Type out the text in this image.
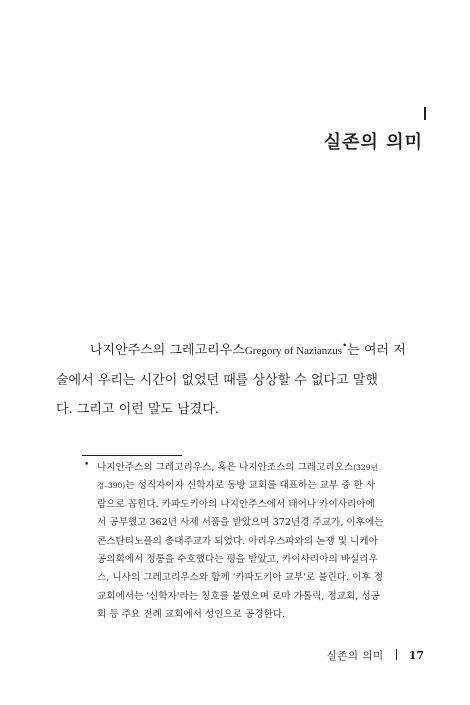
실존의 의미

나지안주스의 그레고리우스Gregory of Nazianzus•는 여러 저
술에서 우리는 시간이 없었던 때를 상상할 수 없다고 말했
다. 그리고 이런 말도 남겼다.

• 나지안주스의 그레고리우스, 혹은 나지안조스의 그레고리오스(329년
경–390)는 성직자이자 신학자로 동방 교회를 대표하는 교부 중 한 사
람으로 꼽힌다. 카파도키아의 나지안주스에서 태어나 카이사리아에
서 공부했고 362년 사제 서품을 받았으며 372년경 주교가, 이후에는
콘스탄티노플의 총대주교가 되었다. 아리우스파와의 논쟁 및 니케아
공의회에서 정통을 수호했다는 평을 받았고, 카이사리아의 바실리우
스, 니사의 그레고리우스와 함께 '카파도키아 교부'로 불린다. 이후 정
교회에서는 '신학자'라는 칭호를 붙였으며 로마 가톨릭, 정교회, 성공
회 등 주요 전례 교회에서 성인으로 공경한다.

실존의 의미 17
